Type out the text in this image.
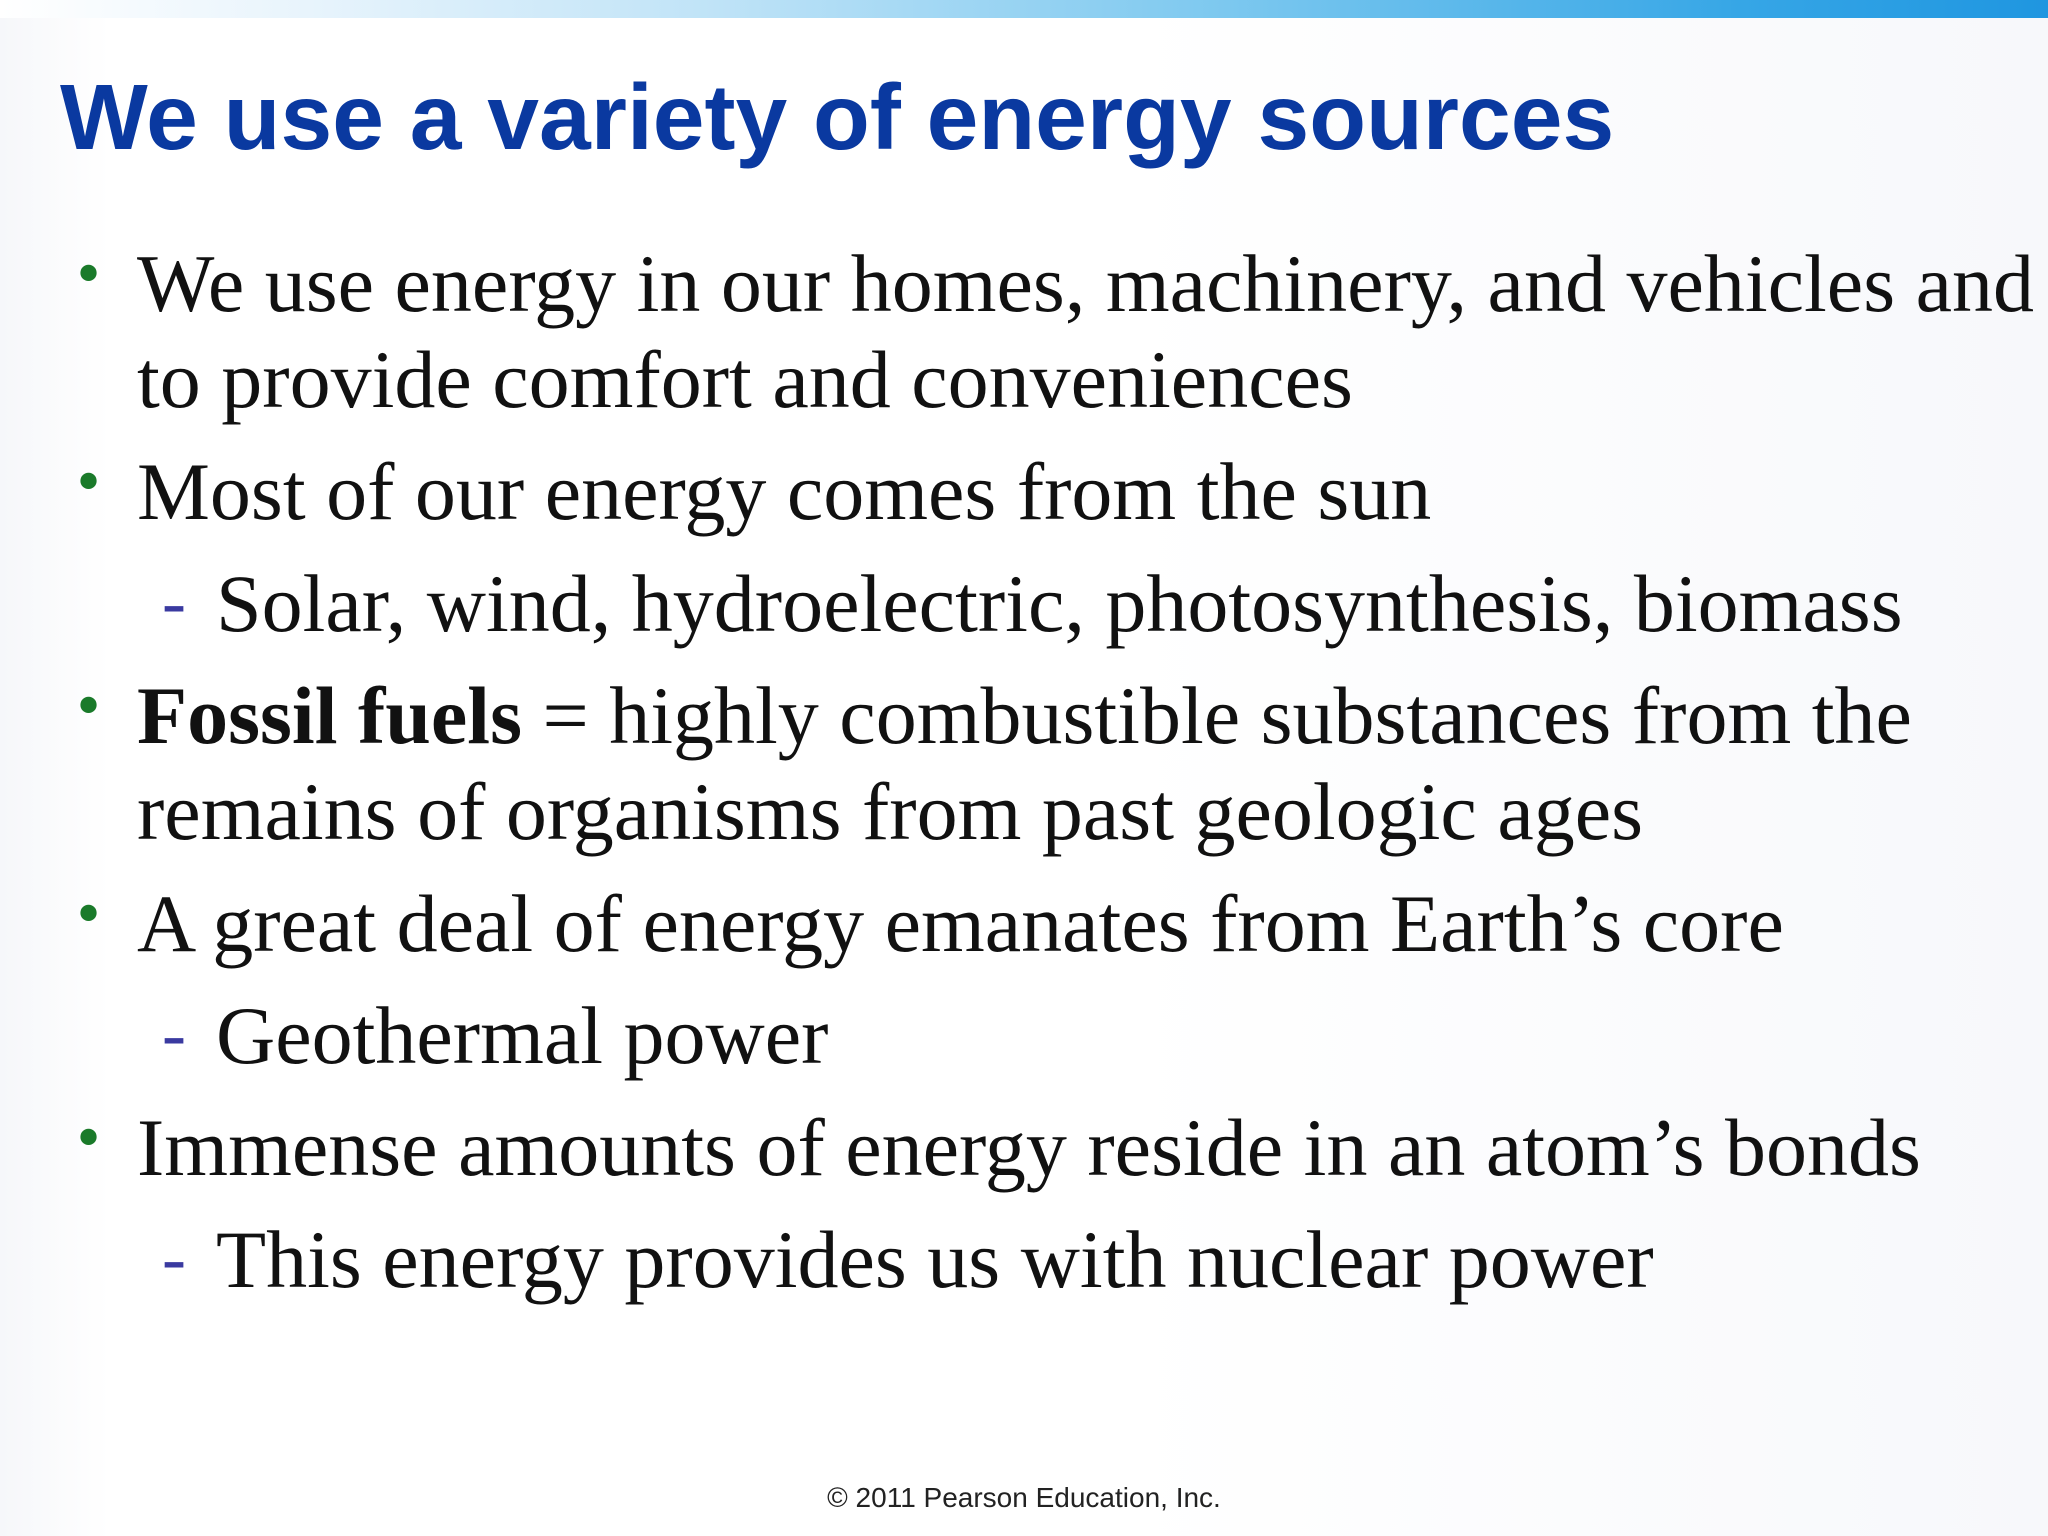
We use a variety of energy sources
• We use energy in our homes, machinery, and vehicles and to provide comfort and conveniences
• Most of our energy comes from the sun
- Solar, wind, hydroelectric, photosynthesis, biomass
• Fossil fuels = highly combustible substances from the remains of organisms from past geologic ages
• A great deal of energy emanates from Earth’s core
- Geothermal power
• Immense amounts of energy reside in an atom’s bonds
- This energy provides us with nuclear power
© 2011 Pearson Education, Inc.
